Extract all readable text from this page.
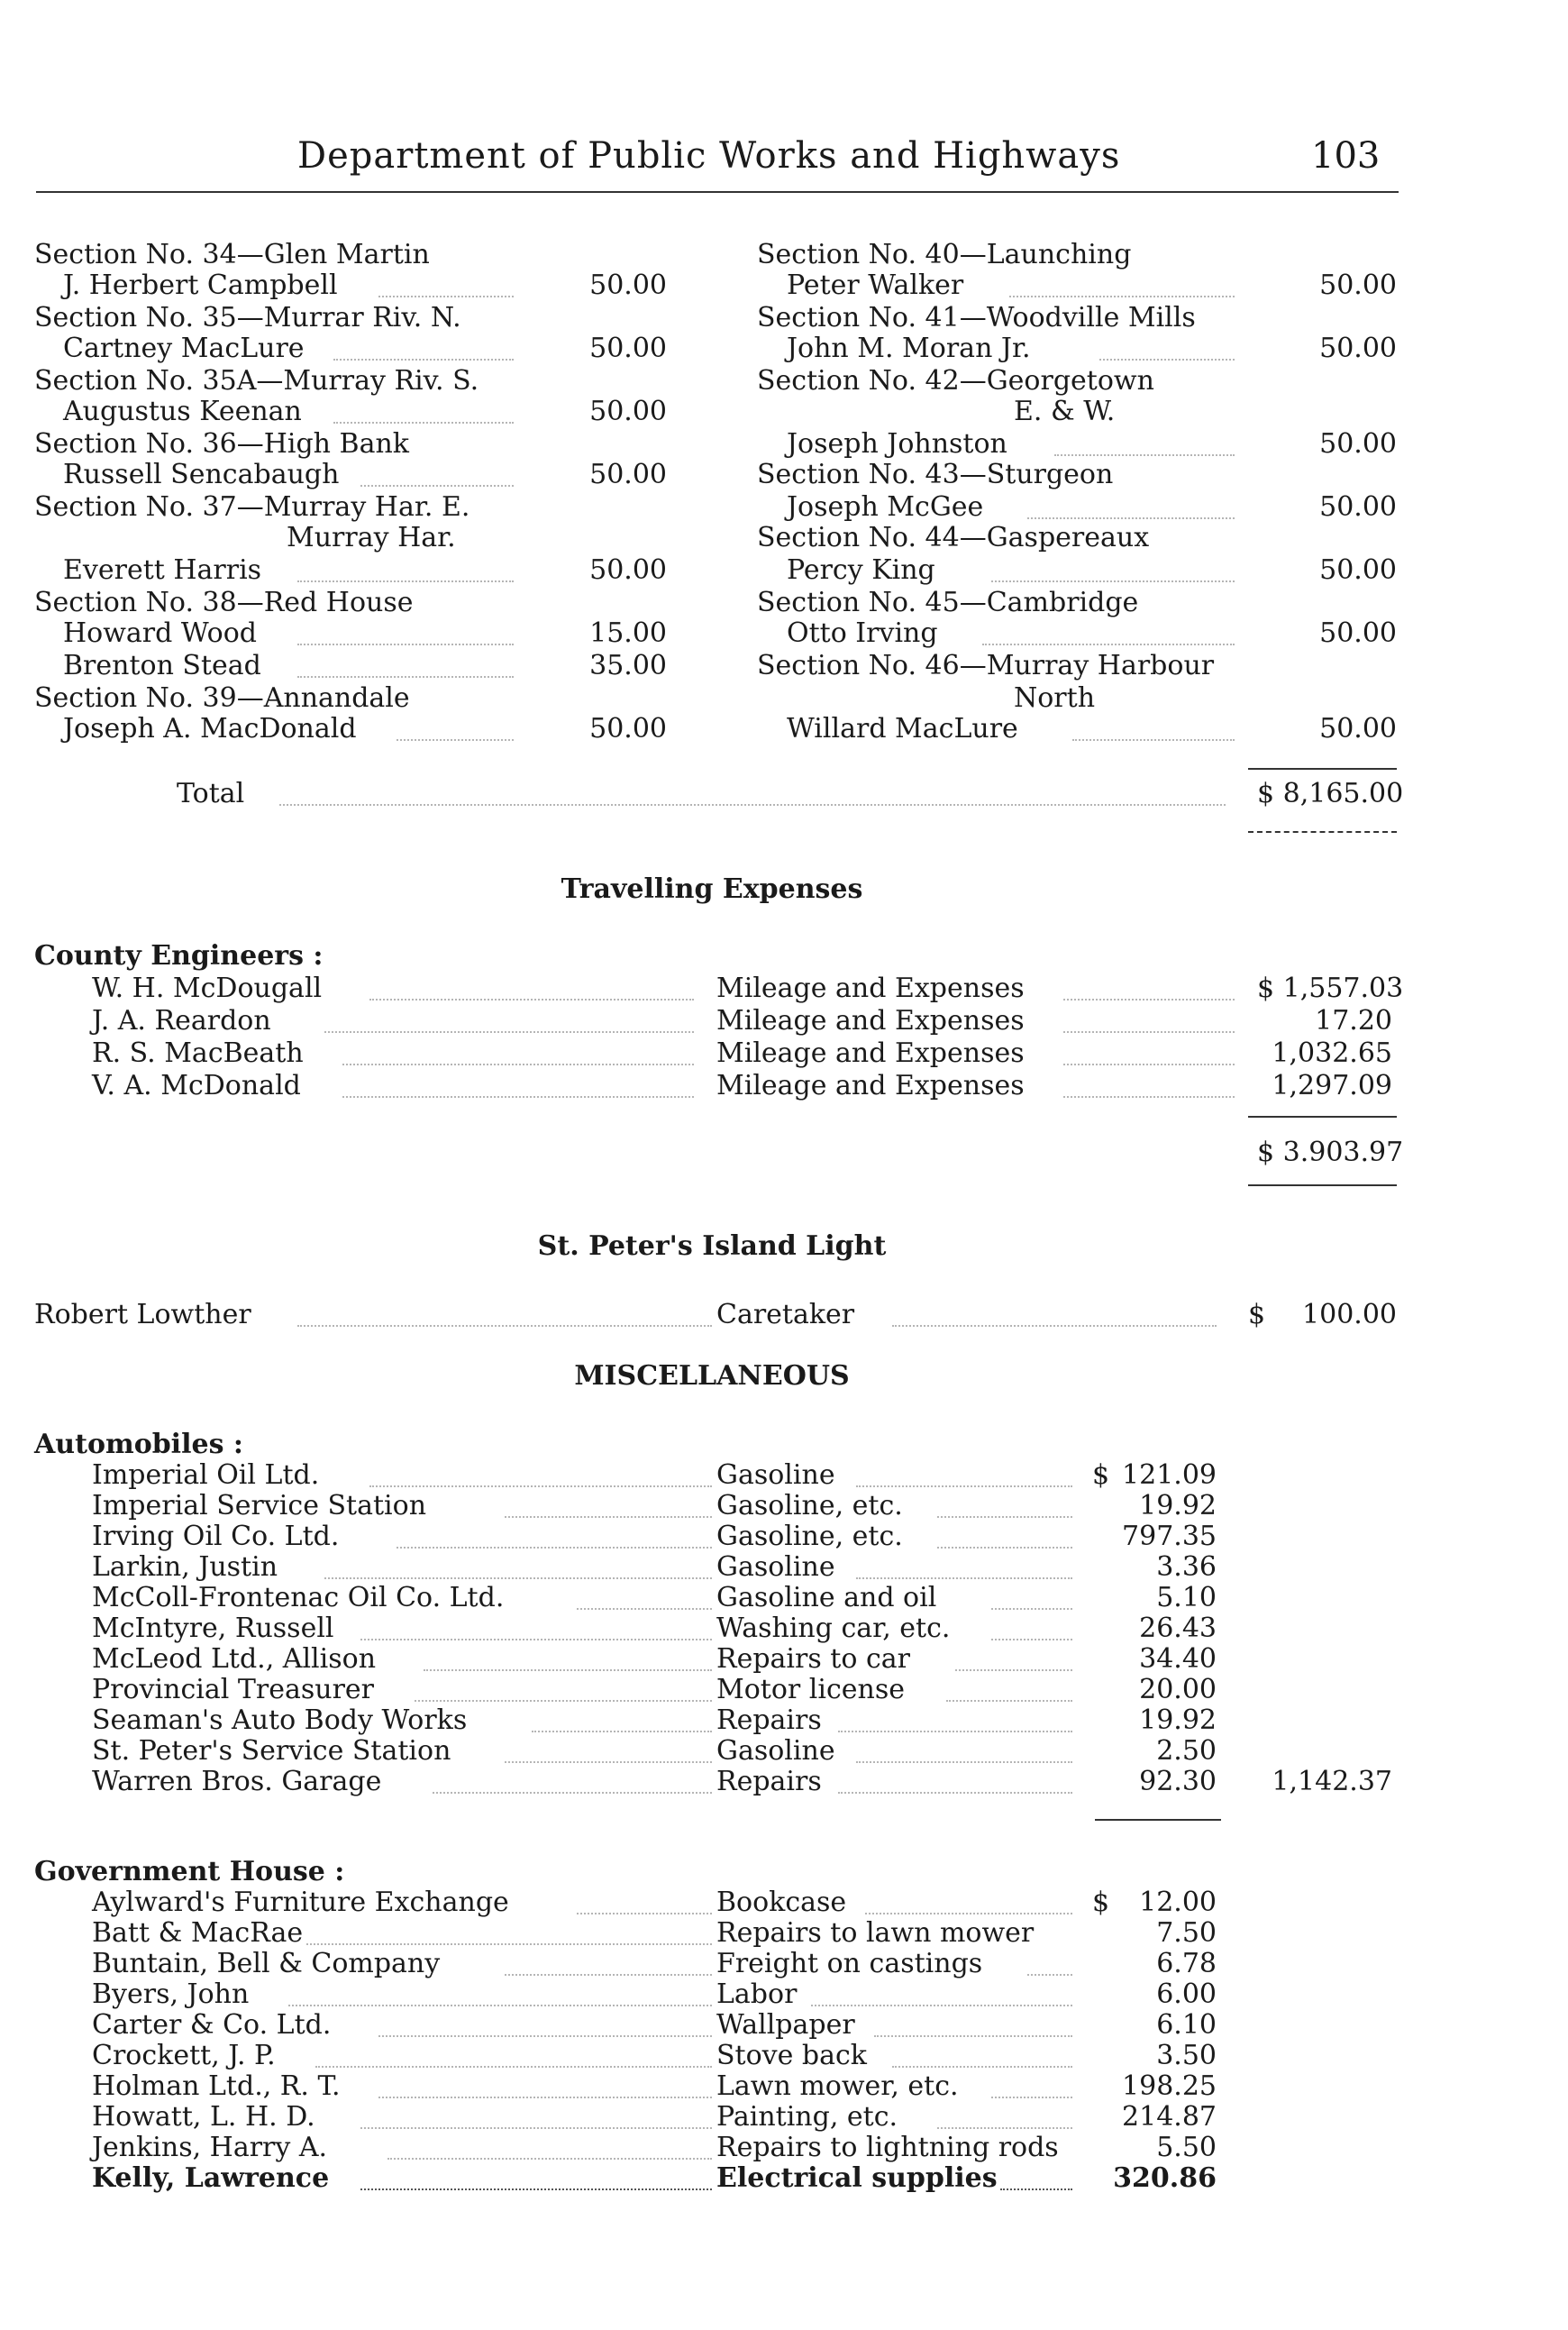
Department of Public Works and Highways	103
Section No. 34—Glen Martin
J. Herbert Campbell	50.00
Section No. 35—Murrar Riv. N.
Cartney MacLure	50.00
Section No. 35A—Murray Riv. S.
Augustus Keenan	50.00
Section No. 36—High Bank
Russell Sencabaugh	50.00
Section No. 37—Murray Har. E.
Murray Har.
Everett Harris	50.00
Section No. 38—Red House
Howard Wood	15.00
Brenton Stead	35.00
Section No. 39—Annandale
Joseph A. MacDonald	50.00
Section No. 40—Launching
Peter Walker	50.00
Section No. 41—Woodville Mills
John M. Moran Jr.	50.00
Section No. 42—Georgetown
E. & W.
Joseph Johnston	50.00
Section No. 43—Sturgeon
Joseph McGee	50.00
Section No. 44—Gaspereaux
Percy King	50.00
Section No. 45—Cambridge
Otto Irving	50.00
Section No. 46—Murray Harbour
North
Willard MacLure	50.00
Total	$ 8,165.00
Travelling Expenses
County Engineers :
W. H. McDougall	Mileage and Expenses	$ 1,557.03
J. A. Reardon	Mileage and Expenses	17.20
R. S. MacBeath	Mileage and Expenses	1,032.65
V. A. McDonald	Mileage and Expenses	1,297.09
$ 3.903.97
St. Peter's Island Light
Robert Lowther	Caretaker	$	100.00
MISCELLANEOUS
Automobiles :
Imperial Oil Ltd.	Gasoline	$ 121.09
Imperial Service Station	Gasoline, etc.	19.92
Irving Oil Co. Ltd.	Gasoline, etc.	797.35
Larkin, Justin	Gasoline	3.36
McColl-Frontenac Oil Co. Ltd.	Gasoline and oil	5.10
McIntyre, Russell	Washing car, etc.	26.43
McLeod Ltd., Allison	Repairs to car	34.40
Provincial Treasurer	Motor license	20.00
Seaman's Auto Body Works	Repairs	19.92
St. Peter's Service Station	Gasoline	2.50
Warren Bros. Garage	Repairs	92.30	1,142.37
Government House :
Aylward's Furniture Exchange	Bookcase	$	12.00
Batt & MacRae	Repairs to lawn mower	7.50
Buntain, Bell & Company	Freight on castings	6.78
Byers, John	Labor	6.00
Carter & Co. Ltd.	Wallpaper	6.10
Crockett, J. P.	Stove back	3.50
Holman Ltd., R. T.	Lawn mower, etc.	198.25
Howatt, L. H. D.	Painting, etc.	214.87
Jenkins, Harry A.	Repairs to lightning rods	5.50
Kelly, Lawrence	Electrical supplies	320.86
